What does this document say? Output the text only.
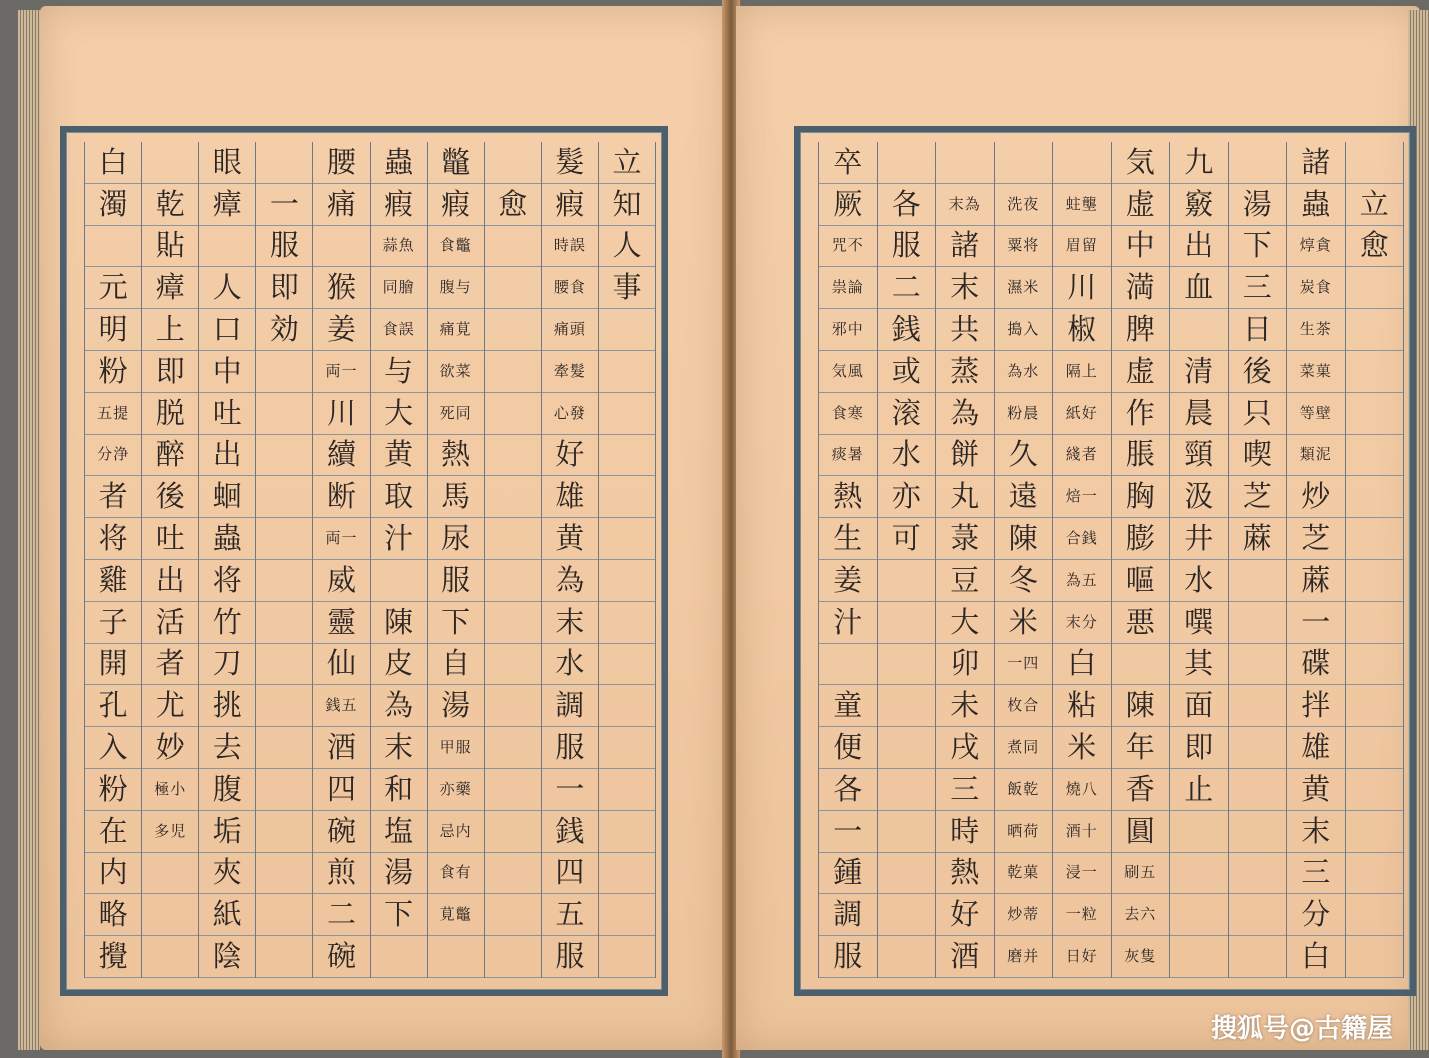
立
知
人
事
髮
瘕
時誤
腰食
痛頭
牽髮
心發
好
雄
黄
為
末
水
調
服
一
銭
四
五
服
愈
鼈
瘕
食鼈
腹与
痛莧
欲菜
死同
熱
馬
尿
服
下
自
湯
甲服
亦藥
忌内
食有
莧鼈
蟲
瘕
蒜魚
同膾
食誤
与
大
黄
取
汁
陳
皮
為
末
和
塩
湯
下
腰
痛
猴
姜
両一
川
續
断
両一
威
靈
仙
銭五
酒
四
碗
煎
二
碗
一
服
即
効
眼
瘴
人
口
中
吐
出
蛔
蟲
将
竹
刀
挑
去
腹
垢
夾
紙
陰
乾
貼
瘴
上
即
脱
醉
後
吐
出
活
者
尤
妙
極小
多児
白
濁
元
明
粉
五提
分浄
者
将
雞
子
開
孔
入
粉
在
内
略
攪
立
愈
諸
蟲
焞貪
炭食
生茶
菜菓
等壁
類泥
炒
芝
蔴
一
碟
拌
雄
黄
末
三
分
白
湯
下
三
日
後
只
喫
芝
蔴
九
竅
出
血
清
晨
頸
汲
井
水
噀
其
面
即
止
気
虚
中
満
脾
虚
作
脹
胸
膨
嘔
悪
陳
年
香
圓
刷五
去六
灰隻
蛀壟
眉留
川
椒
隔上
紙好
綫者
焙一
合銭
為五
末分
白
粘
米
燒八
酒十
浸一
一粒
日好
洗夜
粟将
濕米
搗入
為水
粉晨
久
遠
陳
冬
米
一四
枚合
煮同
飯乾
晒荷
乾菓
炒蒂
磨并
末為
諸
末
共
蒸
為
餅
丸
菉
豆
大
卯
未
戌
三
時
熱
好
酒
各
服
二
銭
或
滚
水
亦
可
卒
厥
咒不
祟論
邪中
気風
食寒
痰暑
熱
生
姜
汁
童
便
各
一
鍾
調
服
搜狐号@古籍屋
